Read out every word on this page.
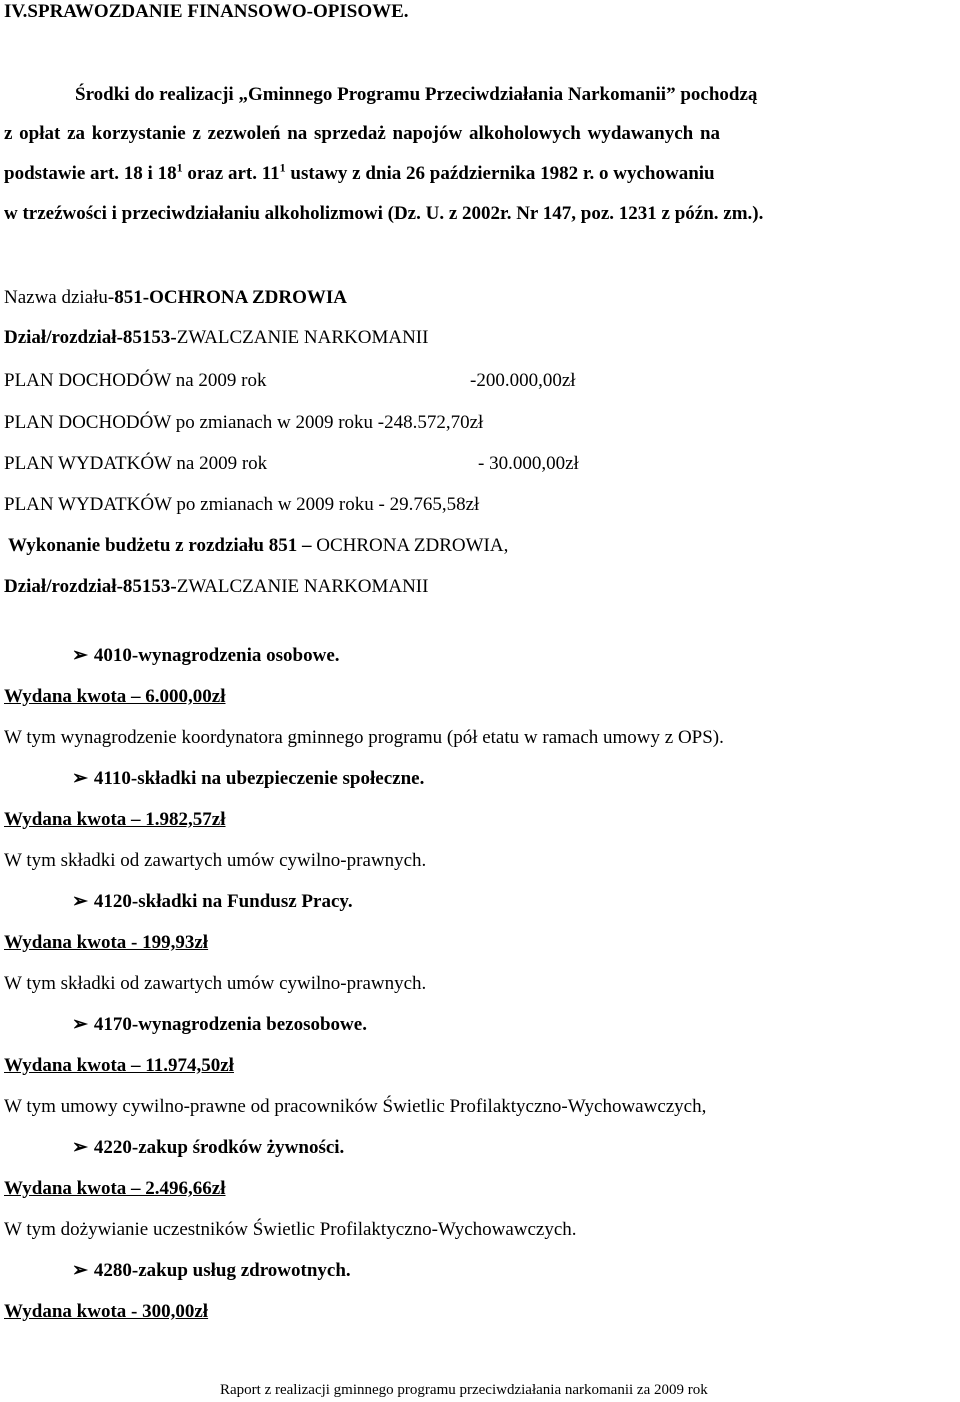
IV.SPRAWOZDANIE FINANSOWO-OPISOWE.

Środki do realizacji „Gminnego Programu Przeciwdziałania Narkomanii” pochodzą

z opłat za korzystanie z zezwoleń na sprzedaż napojów alkoholowych wydawanych na

podstawie art. 18 i $18^1$ oraz art. $11^1$ ustawy z dnia 26 października 1982 r. o wychowaniu

w trzeźwości i przeciwdziałaniu alkoholizmowi (Dz. U. z 2002r. Nr 147, poz. 1231 z późn. zm.).

Nazwa działu-851-OCHRONA ZDROWIA

Dział/rozdział-85153-ZWALCZANIE NARKOMANII

PLAN DOCHODÓW na 2009 rok	-200.000,00zł

PLAN DOCHODÓW po zmianach w 2009 roku -248.572,70zł

PLAN WYDATKÓW na 2009 rok	- 30.000,00zł

PLAN WYDATKÓW po zmianach w 2009 roku - 29.765,58zł

Wykonanie budżetu z rozdziału 851 – OCHRONA ZDROWIA,

Dział/rozdział-85153-ZWALCZANIE NARKOMANII

➢ 4010-wynagrodzenia osobowe.

Wydana kwota – 6.000,00zł

W tym wynagrodzenie koordynatora gminnego programu (pół etatu w ramach umowy z OPS).

➢ 4110-składki na ubezpieczenie społeczne.

Wydana kwota – 1.982,57zł

W tym składki od zawartych umów cywilno-prawnych.

➢ 4120-składki na Fundusz Pracy.

Wydana kwota - 199,93zł

W tym składki od zawartych umów cywilno-prawnych.

➢ 4170-wynagrodzenia bezosobowe.

Wydana kwota – 11.974,50zł

W tym umowy cywilno-prawne od pracowników Świetlic Profilaktyczno-Wychowawczych,

➢ 4220-zakup środków żywności.

Wydana kwota – 2.496,66zł

W tym dożywianie uczestników Świetlic Profilaktyczno-Wychowawczych.

➢ 4280-zakup usług zdrowotnych.

Wydana kwota - 300,00zł

Raport z realizacji gminnego programu przeciwdziałania narkomanii za 2009 rok
